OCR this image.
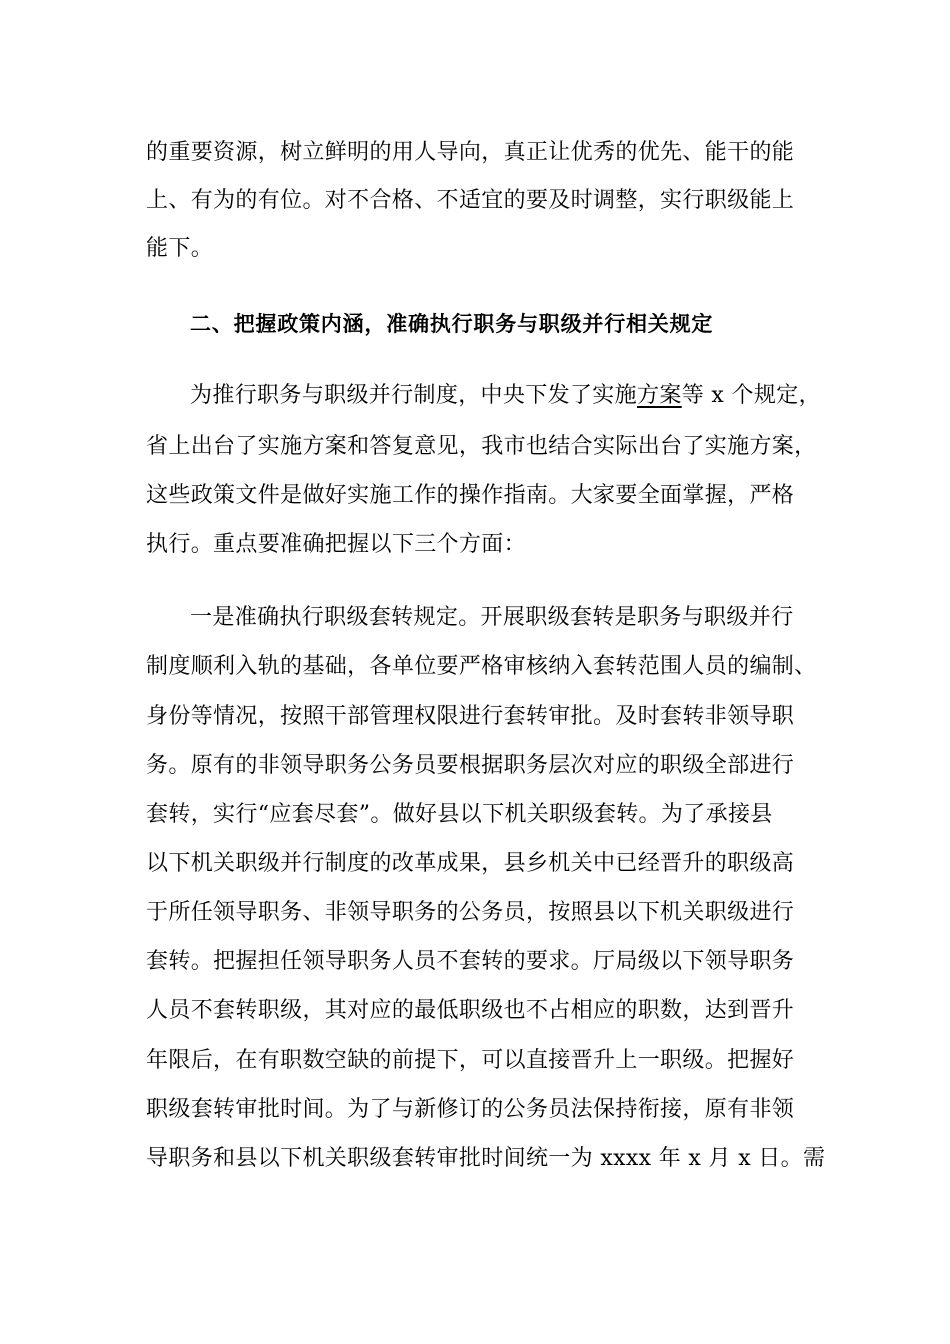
的重要资源，树立鲜明的用人导向，真正让优秀的优先、能干的能
上、有为的有位。对不合格、不适宜的要及时调整，实行职级能上
能下。
二、把握政策内涵，准确执行职务与职级并行相关规定
为推行职务与职级并行制度，中央下发了实施方案等 x 个规定，
省上出台了实施方案和答复意见，我市也结合实际出台了实施方案，
这些政策文件是做好实施工作的操作指南。大家要全面掌握，严格
执行。重点要准确把握以下三个方面：
一是准确执行职级套转规定。开展职级套转是职务与职级并行
制度顺利入轨的基础，各单位要严格审核纳入套转范围人员的编制、
身份等情况，按照干部管理权限进行套转审批。及时套转非领导职
务。原有的非领导职务公务员要根据职务层次对应的职级全部进行
套转，实行“应套尽套”。做好县以下机关职级套转。为了承接县
以下机关职级并行制度的改革成果，县乡机关中已经晋升的职级高
于所任领导职务、非领导职务的公务员，按照县以下机关职级进行
套转。把握担任领导职务人员不套转的要求。厅局级以下领导职务
人员不套转职级，其对应的最低职级也不占相应的职数，达到晋升
年限后，在有职数空缺的前提下，可以直接晋升上一职级。把握好
职级套转审批时间。为了与新修订的公务员法保持衔接，原有非领
导职务和县以下机关职级套转审批时间统一为 xxxx 年 x 月 x 日。需
